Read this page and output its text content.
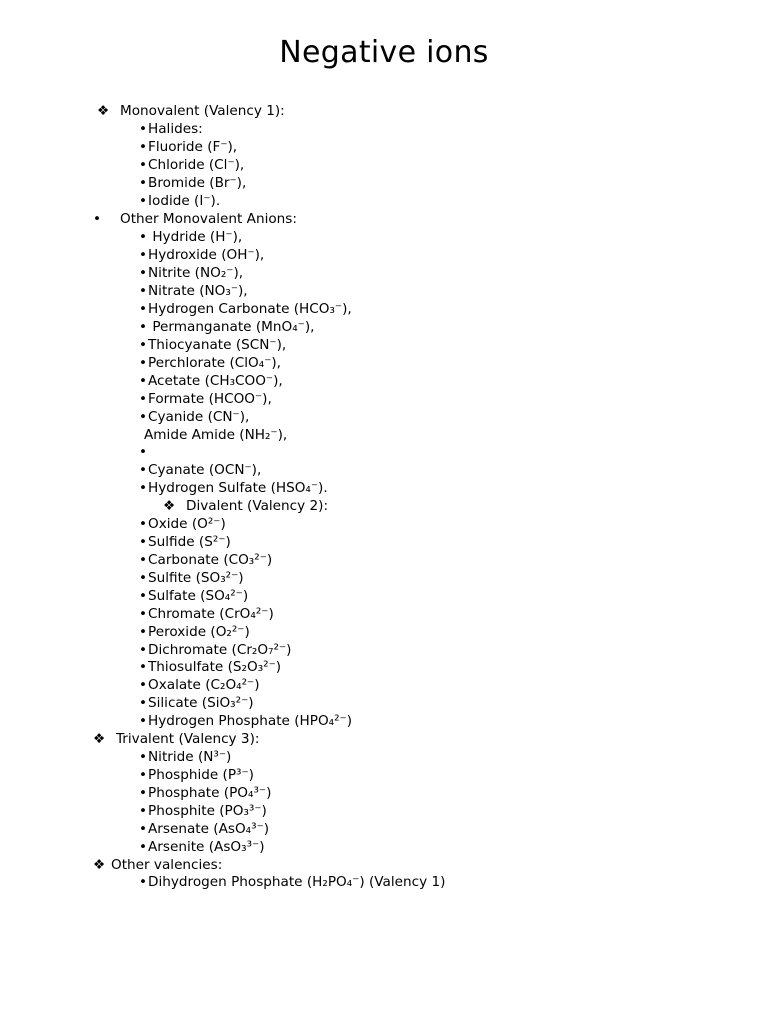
Negative ions
❖ Monovalent (Valency 1):
•Halides:
•Fluoride (F⁻),
•Chloride (Cl⁻),
•Bromide (Br⁻),
•Iodide (I⁻).
• Other Monovalent Anions:
• Hydride (H⁻),
•Hydroxide (OH⁻),
•Nitrite (NO₂⁻),
•Nitrate (NO₃⁻),
•Hydrogen Carbonate (HCO₃⁻),
• Permanganate (MnO₄⁻),
•Thiocyanate (SCN⁻),
•Perchlorate (ClO₄⁻),
•Acetate (CH₃COO⁻),
•Formate (HCOO⁻),
•Cyanide (CN⁻),
Amide Amide (NH₂⁻),
•
•Cyanate (OCN⁻),
•Hydrogen Sulfate (HSO₄⁻).
❖ Divalent (Valency 2):
•Oxide (O²⁻)
•Sulfide (S²⁻)
•Carbonate (CO₃²⁻)
•Sulfite (SO₃²⁻)
•Sulfate (SO₄²⁻)
•Chromate (CrO₄²⁻)
•Peroxide (O₂²⁻)
•Dichromate (Cr₂O₇²⁻)
•Thiosulfate (S₂O₃²⁻)
•Oxalate (C₂O₄²⁻)
•Silicate (SiO₃²⁻)
•Hydrogen Phosphate (HPO₄²⁻)
❖ Trivalent (Valency 3):
•Nitride (N³⁻)
•Phosphide (P³⁻)
•Phosphate (PO₄³⁻)
•Phosphite (PO₃³⁻)
•Arsenate (AsO₄³⁻)
•Arsenite (AsO₃³⁻)
❖ Other valencies:
•Dihydrogen Phosphate (H₂PO₄⁻) (Valency 1)
